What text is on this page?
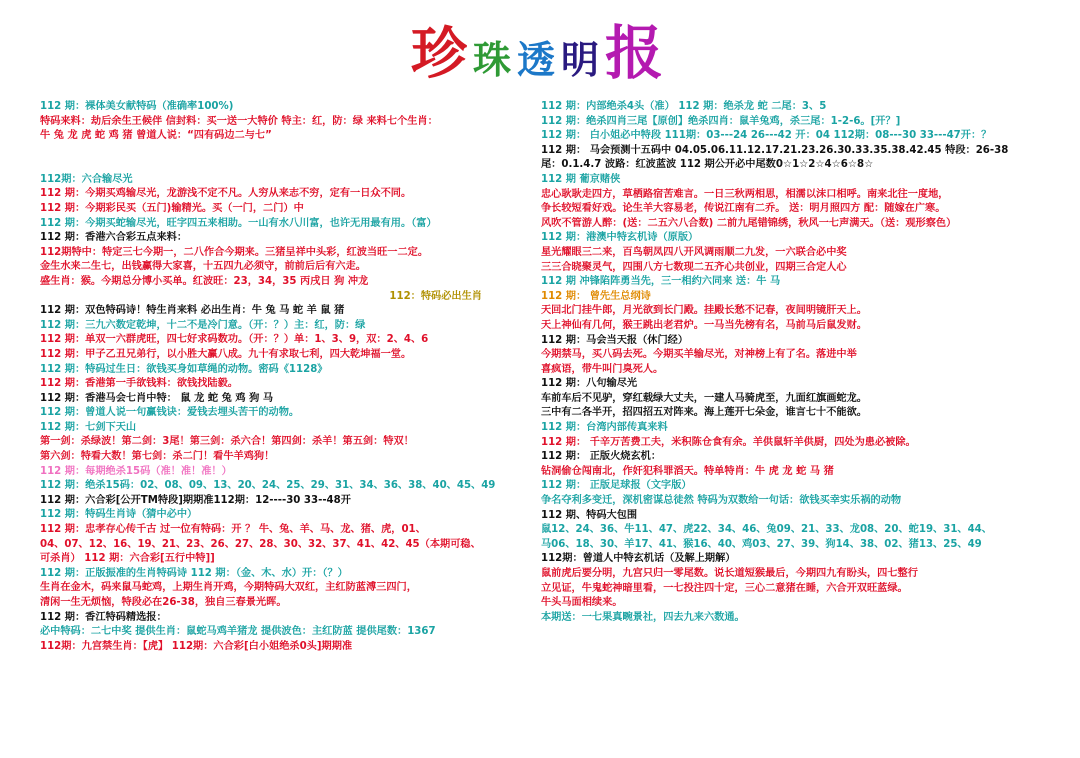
珍珠透明报
112 期：裸体美女献特码（准确率100%)
特码来料：劫后余生王候伴 信封料：买一送一大特价 特主：红，防：绿 来料七个生肖：
牛 兔 龙 虎 蛇 鸡 猪 曾道人说：“四有码边二与七”
112期：六合输尽光
112 期：今期买鸡输尽光，龙游浅不定不凡。人穷从来志不穷，定有一日众不同。
112 期：今期彩民买（五门)输精光。买（一门，二门）中
112 期：今期买蛇输尽光，旺字四五来相助。一山有水八川富，也许无用最有用。（富）
112 期：香港六合彩五点来料：
112期特中：特定三七今期一，二八作合今期来。三猪呈祥中头彩，红波当旺一二定。
金生水来二生七，出钱赢得大家喜，十五四九必须守，前前后后有六走。
盛生肖：猴。今期总分博小买单。红波旺：23，34，35 丙戌日 狗 冲龙
112：特码必出生肖
112 期：双色特码诗！特生肖来料 必出生肖：牛 兔 马 蛇 羊 鼠 猪
112 期：三九六数定乾坤，十二不是冷门意。（开：？）主：红，防：绿
112 期：单双一六群虎旺，四七好求码数功。（开：？）单：1、3、9，双：2、4、6
112 期：甲子乙丑兄弟行，以小胜大赢八成。九十有求取七利，四大乾坤福一堂。
112 期：特码过生日：欲钱买身如草绳的动物。密码《1128》
112 期：香港第一手欲钱料：欲钱找陆毅。
112 期：香港马会七肖中特： 鼠 龙 蛇 兔 鸡 狗 马
112 期：曾道人说一句赢钱诀：爱钱去埋头苦干的动物。
112 期：七剑下天山
第一剑：杀绿波！第二剑：3尾！第三剑：杀六合！第四剑：杀羊！第五剑：特双！
第六剑：特看大数！第七剑：杀二门！看牛羊鸡狗！
112 期：每期绝杀15码（准！准！准！）
112 期：绝杀15码：02、08、09、13、20、24、25、29、31、34、36、38、40、45、49
112 期：六合彩[公开TM特段]期期准112期：12----30 33--48开
112 期：特码生肖诗（猜中必中）
112 期：忠孝存心传千古 过一位有特码：开 ？ 牛、兔、羊、马、龙、猪、虎，01、
04、07、12、16、19、21、23、26、27、28、30、32、37、41、42、45（本期可稳、
可杀肖） 112 期：六合彩[五行中特]]
112 期：正版振准的生肖特码诗 112 期：（金、木、水）开：（？）
生肖在金木，码来鼠马蛇鸡，上期生肖开鸡，今期特码大双红，主红防蓝溥三四门，
清闲一生无烦恼，特段必在26-38，独自三春景光晖。
112 期：香江特码精选报：
必中特码：二七中奖 提供生肖：鼠蛇马鸡羊猪龙 提供波色：主红防蓝 提供尾数：1367
112期：九宫禁生肖：【虎】 112期：六合彩[白小姐绝杀0头]期期准
112 期：内部绝杀4头（准） 112 期：绝杀龙 蛇 二尾：3、5
112 期：绝杀四肖三尾【原创】绝杀四肖：鼠羊兔鸡，杀三尾：1-2-6。[开？]
112 期： 白小姐必中特段 111期：03---24 26---42 开：04 112期：08---30 33---47开：？
112 期： 马会预测十五码中 04.05.06.11.12.17.21.23.26.30.33.35.38.42.45 特段：26-38
尾：0.1.4.7 波路：红波蓝波 112 期公开必中尾数0☆1☆2☆4☆6☆8☆
112 期 葡京赌侠
忠心耿耿走四方，草栖路宿苦难言。一日三秋两相思，相濡以沫口相呼。南来北往一度地，
争长较短看好戏。论生羊大容易老，传说江南有二乔。 送：明月照四方 配：随嫁在广寒。
风吹不管游人醉：(送：二五六八合数) 二前九尾错锦绣，秋风一七声满天。（送：观形察色）
112 期：港澳中特玄机诗（原版）
星光耀眼三二来，百鸟朝凤四八开风调雨顺二九发，一六联合必中奖
三三合晓聚灵气，四围八方七数现二五齐心共创业，四期三合定人心
112 期 冲锋陷阵勇当先，三一相约六同来 送：牛 马
112 期： 曾先生总纲诗
天回北门挂牛郎，月光欲到长门殿。挂殿长愁不记春，夜间明镜肝天上。
天上神仙有几何，猴王跳出老君炉。一马当先榜有名，马前马后鼠发财。
112 期：马会当天报（休门经）
今期禁马，买八码去死。今期买羊输尽光，对神榜上有了名。落进中举
喜疯语，带牛叫门臭死人。
112 期：八句输尽光
车前车后不见驴，穿红载绿大丈夫，一建人马骑虎至，九面红旗画蛇龙。
三中有二各半开，招四招五对阵来。海上莲开七朵金，谁言七十不能欲。
112 期：台湾内部传真来料
112 期： 千辛万苦费工夫，米积陈仓食有余。羊供鼠轩羊供厨，四处为患必被除。
112 期： 正版火烧玄机：
钻洞偷仓闯南北，作奸犯科罪滔天。特单特肖：牛 虎 龙 蛇 马 猪
112 期： 正版足球报（文字版）
争名夺利多变迁，深机密谋总徒然 特码为双数给一句话：欲钱买幸实乐祸的动物
112 期、特码大包围
鼠12、24、36、牛11、47、虎22、34、46、兔09、21、33、龙08、20、蛇19、31、44、
马06、18、30、羊17、41、猴16、40、鸡03、27、39、狗14、38、02、猪13、25、49
112期：曾道人中特玄机话（及解上期解）
鼠前虎后要分明，九宫只归一零尾数。说长道短猴最后，今期四九有盼头，四七整行
立见证，牛鬼蛇神暗里看，一七投注四十定，三心二意猪在睡，六合开双旺蓝绿。
牛头马面相续来。
本期送：一七果真畹景社，四去九来六数通。
